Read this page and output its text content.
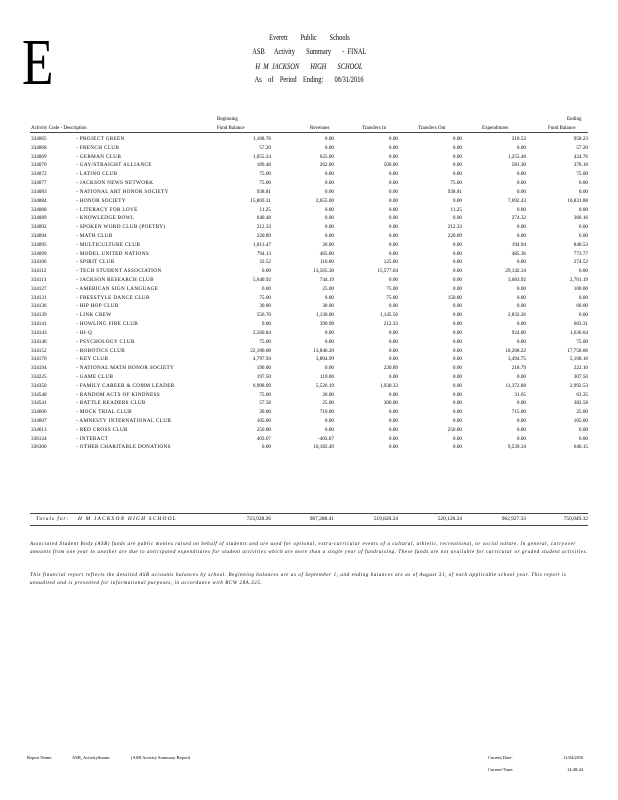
E	Everett        Public        Schools
ASB      Activity       Summary       -  FINAL
H  M  JACKSON       HIGH       SCHOOL
As    of    Period    Ending:       08/31/2016
Beginning
Activity Code - Description	Fund Balance	Revenues	Transfers In	Transfers Out	Expenditures
Ending
Fund Balance
334065	- PROJECT GREEN	1,168.76	0.00	0.00	0.00	210.53	958.23
334068	- FRENCH CLUB	57.20	0.00	0.00	0.00	0.00	57.20
334069	- GERMAN CLUB	1,055.24	625.00	0.00	0.00	1,255.48	424.76
334070	- GAY/STRAIGHT ALLIANCE	189.48	262.00	500.00	0.00	581.30	370.18
334072	- LATINO CLUB	75.00	0.00	0.00	0.00	0.00	75.00
334077	- JACKSON NEWS NETWORK	75.00	0.00	0.00	75.00	0.00	0.00
334083	- NATIONAL ART HONOR SOCIETY	938.81	0.00	0.00	938.81	0.00	0.00
334084	- HONOR SOCIETY	15,869.31	2,655.00	0.00	0.00	7,692.43	10,831.88
334088	- LITERACY FOR LOVE	11.25	0.00	0.00	11.25	0.00	0.00
334089	- KNOWLEDGE BOWL	640.48	0.00	0.00	0.00	274.32	366.16
334092	- SPOKEN WORD CLUB (POETRY)	212.33	0.00	0.00	212.33	0.00	0.00
334094	- MATH CLUB	220.89	0.00	0.00	220.89	0.00	0.00
334095	- MULTICULTURE CLUB	1,013.47	20.00	0.00	0.00	194.94	840.53
334099	- MODEL UNITED NATIONS	794.13	465.00	0.00	0.00	485.36	773.77
334106	- SPIRIT CLUB	33.52	116.00	125.00	0.00	0.00	274.52
334112	- TECH STUDENT ASSOCIATION	0.00	13,565.30	15,577.04	0.00	29,142.34	0.00
334113	- JACKSON RESEARCH CLUB	5,640.92	744.19	0.00	0.00	3,683.92	2,701.19
334127	- AMERICAN SIGN LANGUAGE	0.00	25.00	75.00	0.00	0.00	100.00
334131	- FREESTYLE DANCE CLUB	75.00	0.00	75.00	150.00	0.00	0.00
334136	- HIP HOP CLUB	30.00	30.00	0.00	0.00	0.00	60.00
334139	- LINK CREW	556.70	1,130.00	1,145.56	0.00	2,832.26	0.00
334141	- HOWLING FIRE CLUB	0.00	390.98	212.33	0.00	0.00	603.31
334143	- HI-Q	2,560.84	0.00	0.00	0.00	924.80	1,636.04
334146	- PSYCHOLOGY CLUB	75.00	0.00	0.00	0.00	0.00	75.00
334152	- ROBOTICS CLUB	22,180.08	13,846.20	0.00	0.00	18,268.22	17,758.06
334170	- KEY CLUB	4,797.94	3,804.99	0.00	0.00	3,494.75	5,108.18
334194	- NATIONAL MATH HONOR SOCIETY	190.00	0.00	220.89	0.00	218.79	222.10
334225	- GAME CLUB	197.50	110.00	0.00	0.00	0.00	307.50
334350	- FAMILY CAREER & COMM LEADER	6,908.09	5,526.19	1,930.33	0.00	11,372.08	2,992.53
334540	- RANDOM ACTS OF KINDNESS	75.00	20.00	0.00	0.00	31.65	63.35
334541	- BATTLE READERS CLUB	57.58	25.00	300.00	0.00	0.00	382.58
334606	- MOCK TRIAL CLUB	30.00	710.00	0.00	0.00	715.00	25.00
334607	- AMNESTY INTERNATIONAL CLUB	105.00	0.00	0.00	0.00	0.00	105.00
334613	- RED CROSS CLUB	250.00	0.00	0.00	250.00	0.00	0.00
336124	- INTERACT	403.67	-403.67	0.00	0.00	0.00	0.00
336300	- OTHER CHARITABLE DONATIONS	0.00	10,182.49	0.00	0.00	9,539.34	646.15
Totals for: H M JACKSON HIGH SCHOOL	723,928.26	987,288.41	519,826.24	520,126.24	962,927.33	750,049.32
Associated Student Body (ASB) funds are public monies raised on behalf of students and are used for optional, extra-curricular events of a cultural, athletic, recreational, or social nature. In general, carryover amounts from one year to another are due to anticipated expenditures for student activities which are more than a single year of fundraising. These funds are not available for curricular or graded student activities.
This financial report reflects the detailed ASB accounts balances by school. Beginning balances are as of September 1, and ending balances are as of August 31, of each applicable school year. This report is unaudited and is presented for informational purposes, in accordance with RCW 28A.325.
Report Name:	ASB_ActivitySumm	(ASB Activity Summary Report)	Current Date:	11/04/2016
Current Time:	14:48:44
